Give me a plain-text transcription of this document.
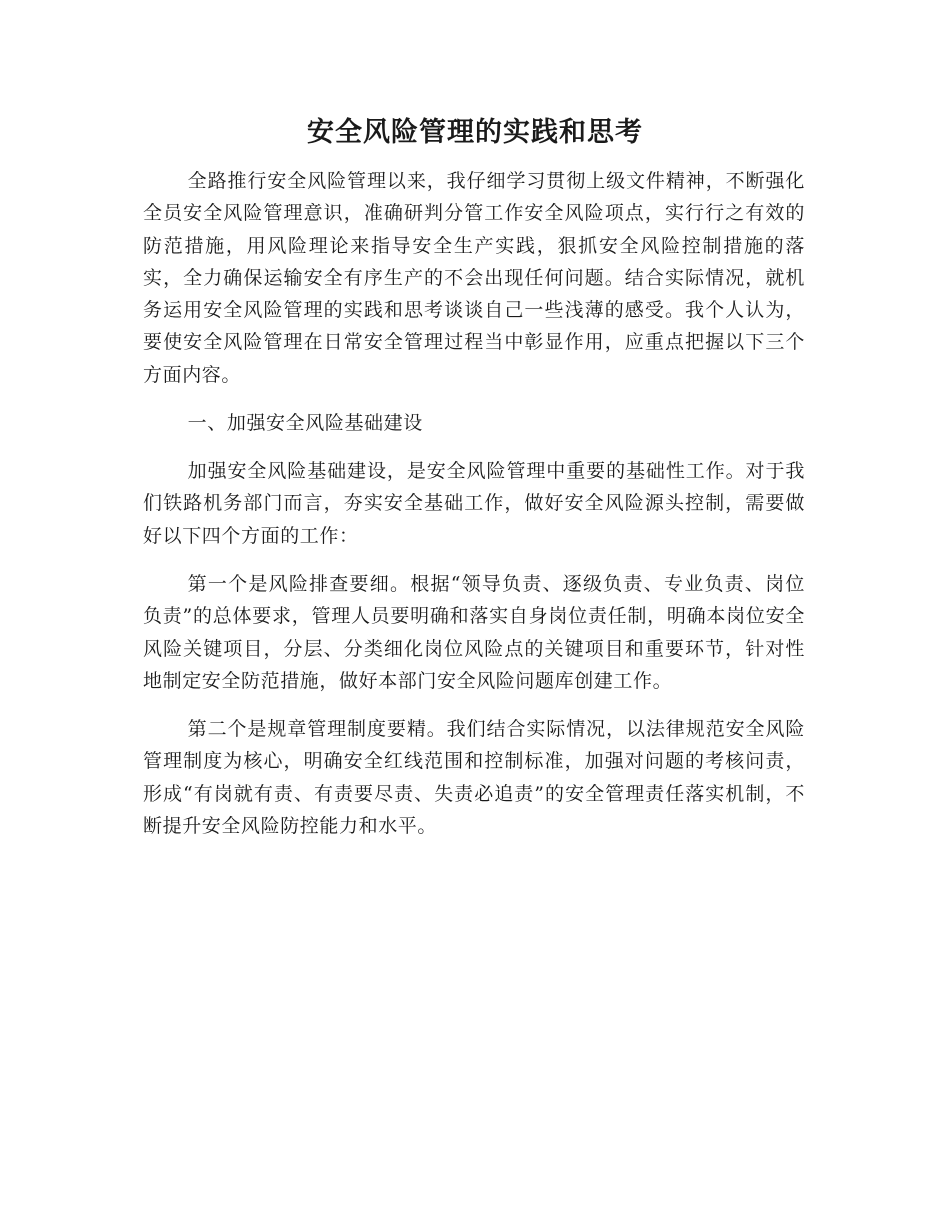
安全风险管理的实践和思考

全路推行安全风险管理以来，我仔细学习贯彻上级文件精神，不断强化全员安全风险管理意识，准确研判分管工作安全风险项点，实行行之有效的防范措施，用风险理论来指导安全生产实践，狠抓安全风险控制措施的落实，全力确保运输安全有序生产的不会出现任何问题。结合实际情况，就机务运用安全风险管理的实践和思考谈谈自己一些浅薄的感受。我个人认为，要使安全风险管理在日常安全管理过程当中彰显作用，应重点把握以下三个方面内容。

一、加强安全风险基础建设

加强安全风险基础建设，是安全风险管理中重要的基础性工作。对于我们铁路机务部门而言，夯实安全基础工作，做好安全风险源头控制，需要做好以下四个方面的工作：

第一个是风险排查要细。根据“领导负责、逐级负责、专业负责、岗位负责”的总体要求，管理人员要明确和落实自身岗位责任制，明确本岗位安全风险关键项目，分层、分类细化岗位风险点的关键项目和重要环节，针对性地制定安全防范措施，做好本部门安全风险问题库创建工作。

第二个是规章管理制度要精。我们结合实际情况，以法律规范安全风险管理制度为核心，明确安全红线范围和控制标准，加强对问题的考核问责，形成“有岗就有责、有责要尽责、失责必追责”的安全管理责任落实机制，不断提升安全风险防控能力和水平。
